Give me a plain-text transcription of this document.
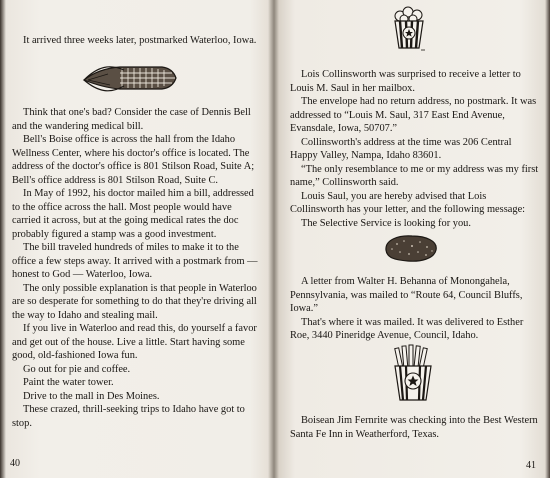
It arrived three weeks later, postmarked Waterloo, Iowa.

Think that one's bad? Consider the case of Dennis Bell and the wandering medical bill.

Bell's Boise office is across the hall from the Idaho Wellness Center, where his doctor's office is located. The address of the doctor's office is 801 Stilson Road, Suite A; Bell's office address is 801 Stilson Road, Suite C.

In May of 1992, his doctor mailed him a bill, addressed to the office across the hall. Most people would have carried it across, but at the going medical rates the doc probably figured a stamp was a good investment.

The bill traveled hundreds of miles to make it to the office a few steps away. It arrived with a postmark from — honest to God — Waterloo, Iowa.

The only possible explanation is that people in Waterloo are so desperate for something to do that they're driving all the way to Idaho and stealing mail.

If you live in Waterloo and read this, do yourself a favor and get out of the house. Live a little. Start having some good, old-fashioned Iowa fun.

Go out for pie and coffee.

Paint the water tower.

Drive to the mall in Des Moines.

These crazed, thrill-seeking trips to Idaho have got to stop.

40

Lois Collinsworth was surprised to receive a letter to Louis M. Saul in her mailbox.

The envelope had no return address, no postmark. It was addressed to “Louis M. Saul, 317 East End Avenue, Evansdale, Iowa, 50707.”

Collinsworth's address at the time was 206 Central Happy Valley, Nampa, Idaho 83601.

“The only resemblance to me or my address was my first name,” Collinsworth said.

Louis Saul, you are hereby advised that Lois Collinsworth has your letter, and the following message:

The Selective Service is looking for you.

A letter from Walter H. Behanna of Monongahela, Pennsylvania, was mailed to “Route 64, Council Bluffs, Iowa.”

That's where it was mailed. It was delivered to Esther Roe, 3440 Pineridge Avenue, Council, Idaho.

Boisean Jim Fernrite was checking into the Best Western Santa Fe Inn in Weatherford, Texas.

41
